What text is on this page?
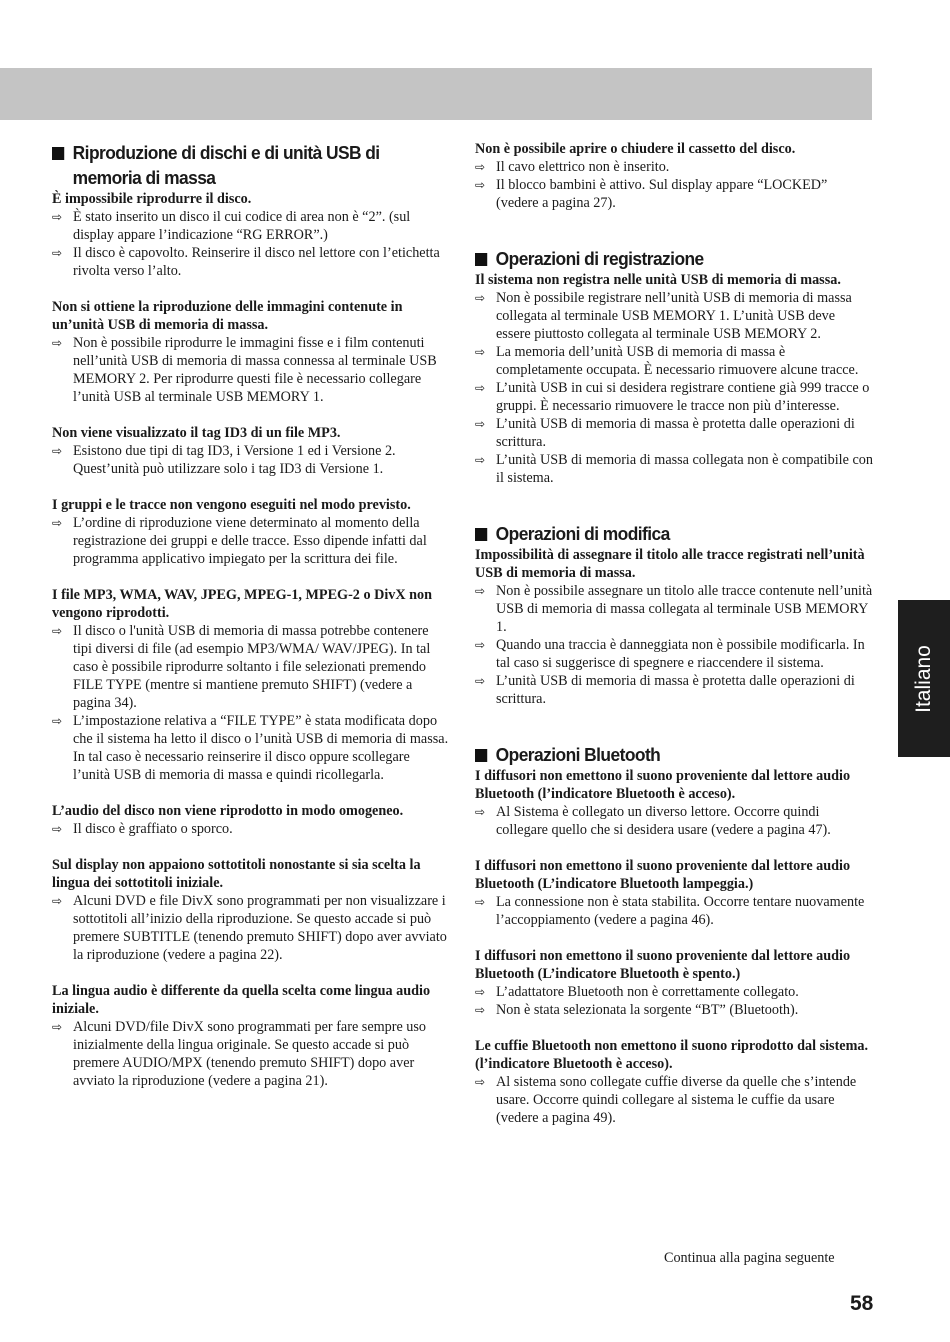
Riproduzione di dischi e di unità USB di memoria di massa

È impossibile riprodurre il disco.

⇨ È stato inserito un disco il cui codice di area non è “2”. (sul display appare l’indicazione “RG ERROR”.)

⇨ Il disco è capovolto. Reinserire il disco nel lettore con l’etichetta rivolta verso l’alto.

Non si ottiene la riproduzione delle immagini contenute in un’unità USB di memoria di massa.

⇨ Non è possibile riprodurre le immagini fisse e i film contenuti nell’unità USB di memoria di massa connessa al terminale USB MEMORY 2. Per riprodurre questi file è necessario collegare l’unità USB al terminale USB MEMORY 1.

Non viene visualizzato il tag ID3 di un file MP3.

⇨ Esistono due tipi di tag ID3, i Versione 1 ed i Versione 2. Quest’unità può utilizzare solo i tag ID3 di Versione 1.

I gruppi e le tracce non vengono eseguiti nel modo previsto.

⇨ L’ordine di riproduzione viene determinato al momento della registrazione dei gruppi e delle tracce. Esso dipende infatti dal programma applicativo impiegato per la scrittura dei file.

I file MP3, WMA, WAV, JPEG, MPEG-1, MPEG-2 o DivX non vengono riprodotti.

⇨ Il disco o l'unità USB di memoria di massa potrebbe contenere tipi diversi di file (ad esempio MP3/WMA/ WAV/JPEG). In tal caso è possibile riprodurre soltanto i file selezionati premendo FILE TYPE (mentre si mantiene premuto SHIFT) (vedere a pagina 34).

⇨ L’impostazione relativa a “FILE TYPE” è stata modificata dopo che il sistema ha letto il disco o l’unità USB di memoria di massa. In tal caso è necessario reinserire il disco oppure scollegare l’unità USB di memoria di massa e quindi ricollegarla.

L’audio del disco non viene riprodotto in modo omogeneo.

⇨ Il disco è graffiato o sporco.

Sul display non appaiono sottotitoli nonostante si sia scelta la lingua dei sottotitoli iniziale.

⇨ Alcuni DVD e file DivX sono programmati per non visualizzare i sottotitoli all’inizio della riproduzione. Se questo accade si può premere SUBTITLE (tenendo premuto SHIFT) dopo aver avviato la riproduzione (vedere a pagina 22).

La lingua audio è differente da quella scelta come lingua audio iniziale.

⇨ Alcuni DVD/file DivX sono programmati per fare sempre uso inizialmente della lingua originale. Se questo accade si può premere AUDIO/MPX (tenendo premuto SHIFT) dopo aver avviato la riproduzione (vedere a pagina 21).

Non è possibile aprire o chiudere il cassetto del disco.

⇨ Il cavo elettrico non è inserito.

⇨ Il blocco bambini è attivo. Sul display appare “LOCKED” (vedere a pagina 27).

Operazioni di registrazione

Il sistema non registra nelle unità USB di memoria di massa.

⇨ Non è possibile registrare nell’unità USB di memoria di massa collegata al terminale USB MEMORY 1. L’unità USB deve essere piuttosto collegata al terminale USB MEMORY 2.

⇨ La memoria dell’unità USB di memoria di massa è completamente occupata. È necessario rimuovere alcune tracce.

⇨ L’unità USB in cui si desidera registrare contiene già 999 tracce o gruppi. È necessario rimuovere le tracce non più d’interesse.

⇨ L’unità USB di memoria di massa è protetta dalle operazioni di scrittura.

⇨ L’unità USB di memoria di massa collegata non è compatibile con il sistema.

Operazioni di modifica

Impossibilità di assegnare il titolo alle tracce registrati nell’unità USB di memoria di massa.

⇨ Non è possibile assegnare un titolo alle tracce contenute nell’unità USB di memoria di massa collegata al terminale USB MEMORY 1.

⇨ Quando una traccia è danneggiata non è possibile modificarla. In tal caso si suggerisce di spegnere e riaccendere il sistema.

⇨ L’unità USB di memoria di massa è protetta dalle operazioni di scrittura.

Operazioni Bluetooth

I diffusori non emettono il suono proveniente dal lettore audio Bluetooth (l’indicatore Bluetooth è acceso).

⇨ Al Sistema è collegato un diverso lettore. Occorre quindi collegare quello che si desidera usare (vedere a pagina 47).

I diffusori non emettono il suono proveniente dal lettore audio Bluetooth (L’indicatore Bluetooth lampeggia.)

⇨ La connessione non è stata stabilita. Occorre tentare nuovamente l’accoppiamento (vedere a pagina 46).

I diffusori non emettono il suono proveniente dal lettore audio Bluetooth (L’indicatore Bluetooth è spento.)

⇨ L’adattatore Bluetooth non è correttamente collegato.

⇨ Non è stata selezionata la sorgente “BT” (Bluetooth).

Le cuffie Bluetooth non emettono il suono riprodotto dal sistema. (l’indicatore Bluetooth è acceso).

⇨ Al sistema sono collegate cuffie diverse da quelle che s’intende usare. Occorre quindi collegare al sistema le cuffie da usare (vedere a pagina 49).

Italiano
Continua alla pagina seguente
58
